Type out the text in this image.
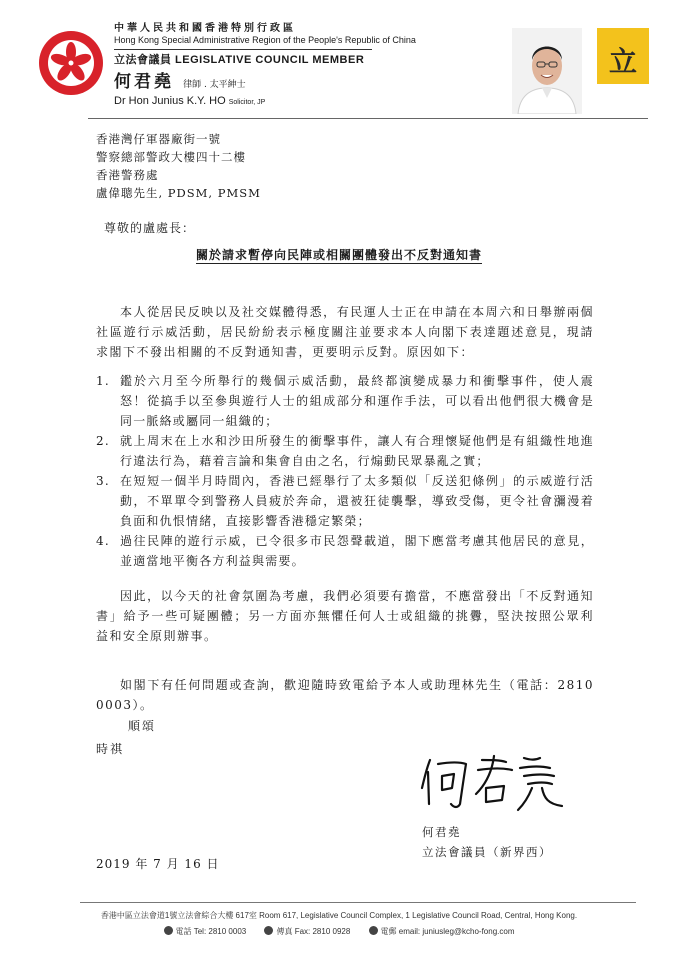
中華人民共和國香港特別行政區

Hong Kong Special Administrative Region of the People's Republic of China

立法會議員 LEGISLATIVE COUNCIL MEMBER

何君堯 律師 . 太平紳士

Dr Hon Junius K.Y. HO Solicitor, JP

立
香港灣仔軍器廠街一號
警察總部警政大樓四十二樓
香港警務處
盧偉聰先生, PDSM, PMSM
尊敬的盧處長：
關於請求暫停向民陣或相關團體發出不反對通知書

本人從居民反映以及社交媒體得悉，有民運人士正在申請在本周六和日舉辦兩個社區遊行示威活動，居民紛紛表示極度關注並要求本人向閣下表達題述意見，現請求閣下不發出相關的不反對通知書，更要明示反對。原因如下：

1. 鑑於六月至今所舉行的幾個示威活動，最終都演變成暴力和衝擊事件，使人震怒！從搞手以至參與遊行人士的組成部分和運作手法，可以看出他們很大機會是同一脈絡或屬同一組織的；
2. 就上周末在上水和沙田所發生的衝擊事件，讓人有合理懷疑他們是有組織性地進行違法行為，藉着言論和集會自由之名，行煽動民眾暴亂之實；
3. 在短短一個半月時間內，香港已經舉行了太多類似「反送犯條例」的示威遊行活動，不單單令到警務人員疲於奔命，還被狂徒襲擊，導致受傷，更令社會瀰漫着負面和仇恨情緒，直接影響香港穩定繁榮；
4. 過往民陣的遊行示威，已令很多市民怨聲載道，閣下應當考慮其他居民的意見，並適當地平衡各方利益與需要。

因此，以今天的社會氛圍為考慮，我們必須要有擔當，不應當發出「不反對通知書」給予一些可疑團體；另一方面亦無懼任何人士或組織的挑釁，堅決按照公眾利益和安全原則辦事。

如閣下有任何問題或查詢，歡迎隨時致電給予本人或助理林先生（電話：2810 0003）。

順頌
時祺
何君堯
立法會議員（新界西）
2019 年 7 月 16 日
香港中區立法會道1號立法會綜合大樓 617室 Room 617, Legislative Council Complex, 1 Legislative Council Road, Central, Hong Kong.
電話 Tel: 2810 0003	傳真 Fax: 2810 0928	電郵 email: juniusleg@kcho-fong.com
